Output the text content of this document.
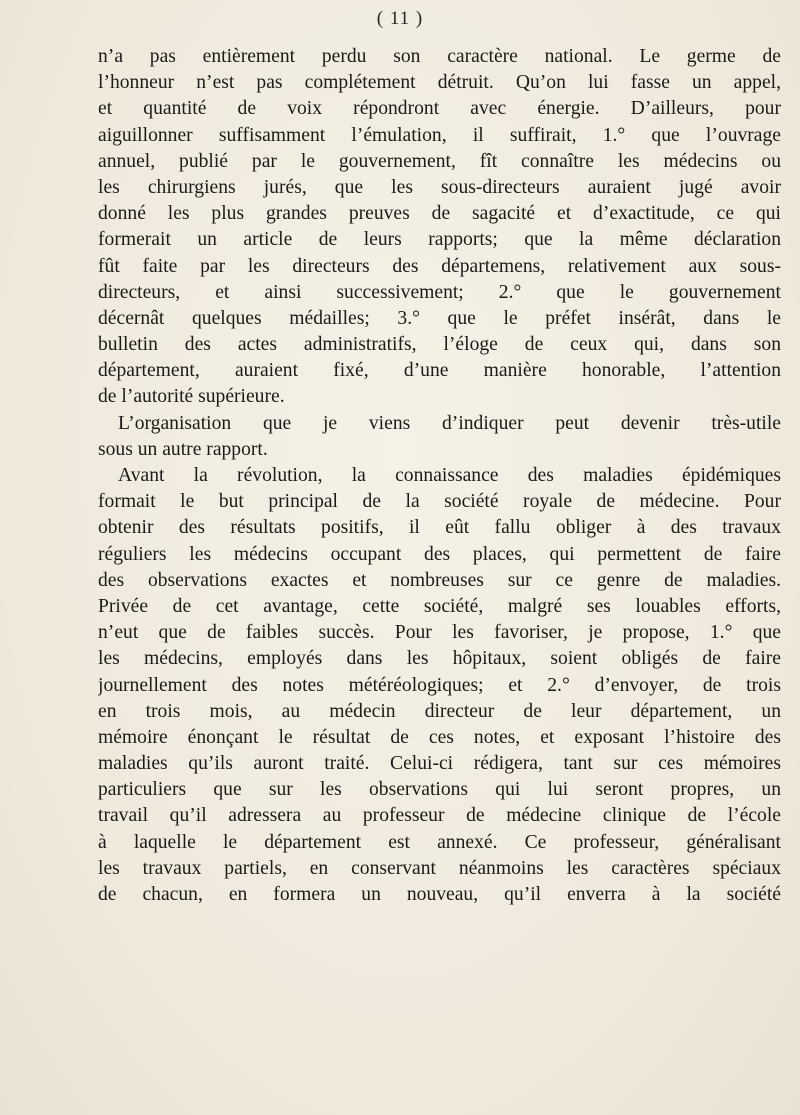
( 11 )
n’a pas entièrement perdu son caractère national. Le germe de
l’honneur n’est pas complétement détruit. Qu’on lui fasse un appel,
et quantité de voix répondront avec énergie. D’ailleurs, pour
aiguillonner suffisamment l’émulation, il suffirait, 1.° que l’ouvrage
annuel, publié par le gouvernement, fît connaître les médecins ou
les chirurgiens jurés, que les sous-directeurs auraient jugé avoir
donné les plus grandes preuves de sagacité et d’exactitude, ce qui
formerait un article de leurs rapports; que la même déclaration
fût faite par les directeurs des départemens, relativement aux sous-
directeurs, et ainsi successivement; 2.° que le gouvernement
décernât quelques médailles; 3.° que le préfet insérât, dans le
bulletin des actes administratifs, l’éloge de ceux qui, dans son
département, auraient fixé, d’une manière honorable, l’attention
de l’autorité supérieure.
L’organisation que je viens d’indiquer peut devenir très-utile
sous un autre rapport.
Avant la révolution, la connaissance des maladies épidémiques
formait le but principal de la société royale de médecine. Pour
obtenir des résultats positifs, il eût fallu obliger à des travaux
réguliers les médecins occupant des places, qui permettent de faire
des observations exactes et nombreuses sur ce genre de maladies.
Privée de cet avantage, cette société, malgré ses louables efforts,
n’eut que de faibles succès. Pour les favoriser, je propose, 1.° que
les médecins, employés dans les hôpitaux, soient obligés de faire
journellement des notes météréologiques; et 2.° d’envoyer, de trois
en trois mois, au médecin directeur de leur département, un
mémoire énonçant le résultat de ces notes, et exposant l’histoire des
maladies qu’ils auront traité. Celui-ci rédigera, tant sur ces mémoires
particuliers que sur les observations qui lui seront propres, un
travail qu’il adressera au professeur de médecine clinique de l’école
à laquelle le département est annexé. Ce professeur, généralisant
les travaux partiels, en conservant néanmoins les caractères spéciaux
de chacun, en formera un nouveau, qu’il enverra à la société
